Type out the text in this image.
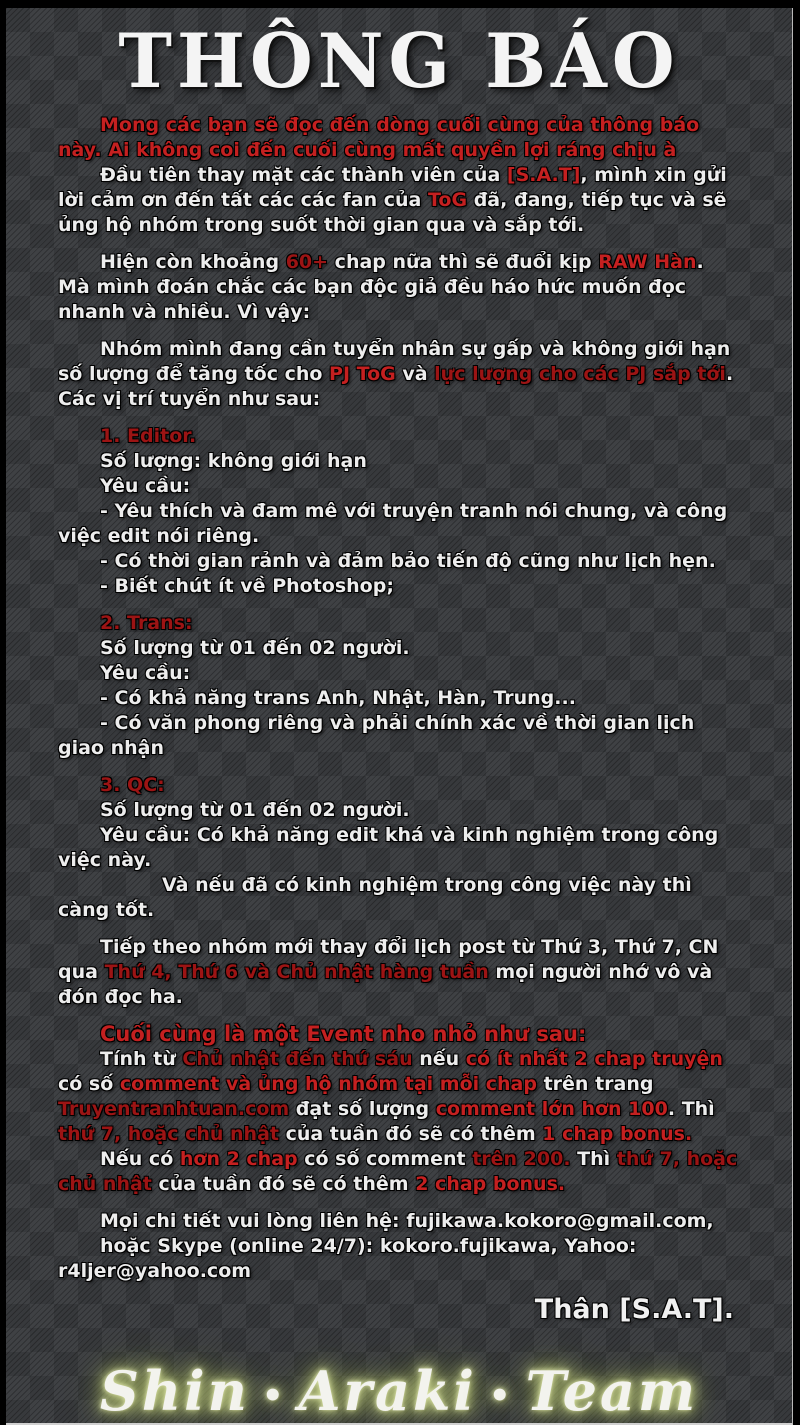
THÔNG BÁO

Mong các bạn sẽ đọc đến dòng cuối cùng của thông báo này. Ai không coi đến cuối cùng mất quyền lợi ráng chịu à

Đầu tiên thay mặt các thành viên của [S.A.T], mình xin gửi lời cảm ơn đến tất các các fan của ToG đã, đang, tiếp tục và sẽ ủng hộ nhóm trong suốt thời gian qua và sắp tới.

Hiện còn khoảng 60+ chap nữa thì sẽ đuổi kịp RAW Hàn. Mà mình đoán chắc các bạn độc giả đều háo hức muốn đọc nhanh và nhiều. Vì vậy:

Nhóm mình đang cần tuyển nhân sự gấp và không giới hạn số lượng để tăng tốc cho PJ ToG và lực lượng cho các PJ sắp tới. Các vị trí tuyển như sau:

1. Editor.

Số lượng: không giới hạn

Yêu cầu:

- Yêu thích và đam mê với truyện tranh nói chung, và công việc edit nói riêng.

- Có thời gian rảnh và đảm bảo tiến độ cũng như lịch hẹn.

- Biết chút ít về Photoshop;

2. Trans:

Số lượng từ 01 đến 02 người.

Yêu cầu:

- Có khả năng trans Anh, Nhật, Hàn, Trung...

- Có văn phong riêng và phải chính xác về thời gian lịch giao nhận

3. QC:

Số lượng từ 01 đến 02 người.

Yêu cầu: Có khả năng edit khá và kinh nghiệm trong công việc này.

Và nếu đã có kinh nghiệm trong công việc này thì càng tốt.

Tiếp theo nhóm mới thay đổi lịch post từ Thứ 3, Thứ 7, CN qua Thứ 4, Thứ 6 và Chủ nhật hàng tuần mọi người nhớ vô và đón đọc ha.

Cuối cùng là một Event nho nhỏ như sau:

Tính từ Chủ nhật đến thứ sáu nếu có ít nhất 2 chap truyện có số comment và ủng hộ nhóm tại mỗi chap trên trang Truyentranhtuan.com đạt số lượng comment lớn hơn 100. Thì thứ 7, hoặc chủ nhật của tuần đó sẽ có thêm 1 chap bonus.

Nếu có hơn 2 chap có số comment trên 200. Thì thứ 7, hoặc chủ nhật của tuần đó sẽ có thêm 2 chap bonus.

Mọi chi tiết vui lòng liên hệ: fujikawa.kokoro@gmail.com,

hoặc Skype (online 24/7): kokoro.fujikawa, Yahoo: r4ljer@yahoo.com

Thân [S.A.T].
Shin • Araki • Team
